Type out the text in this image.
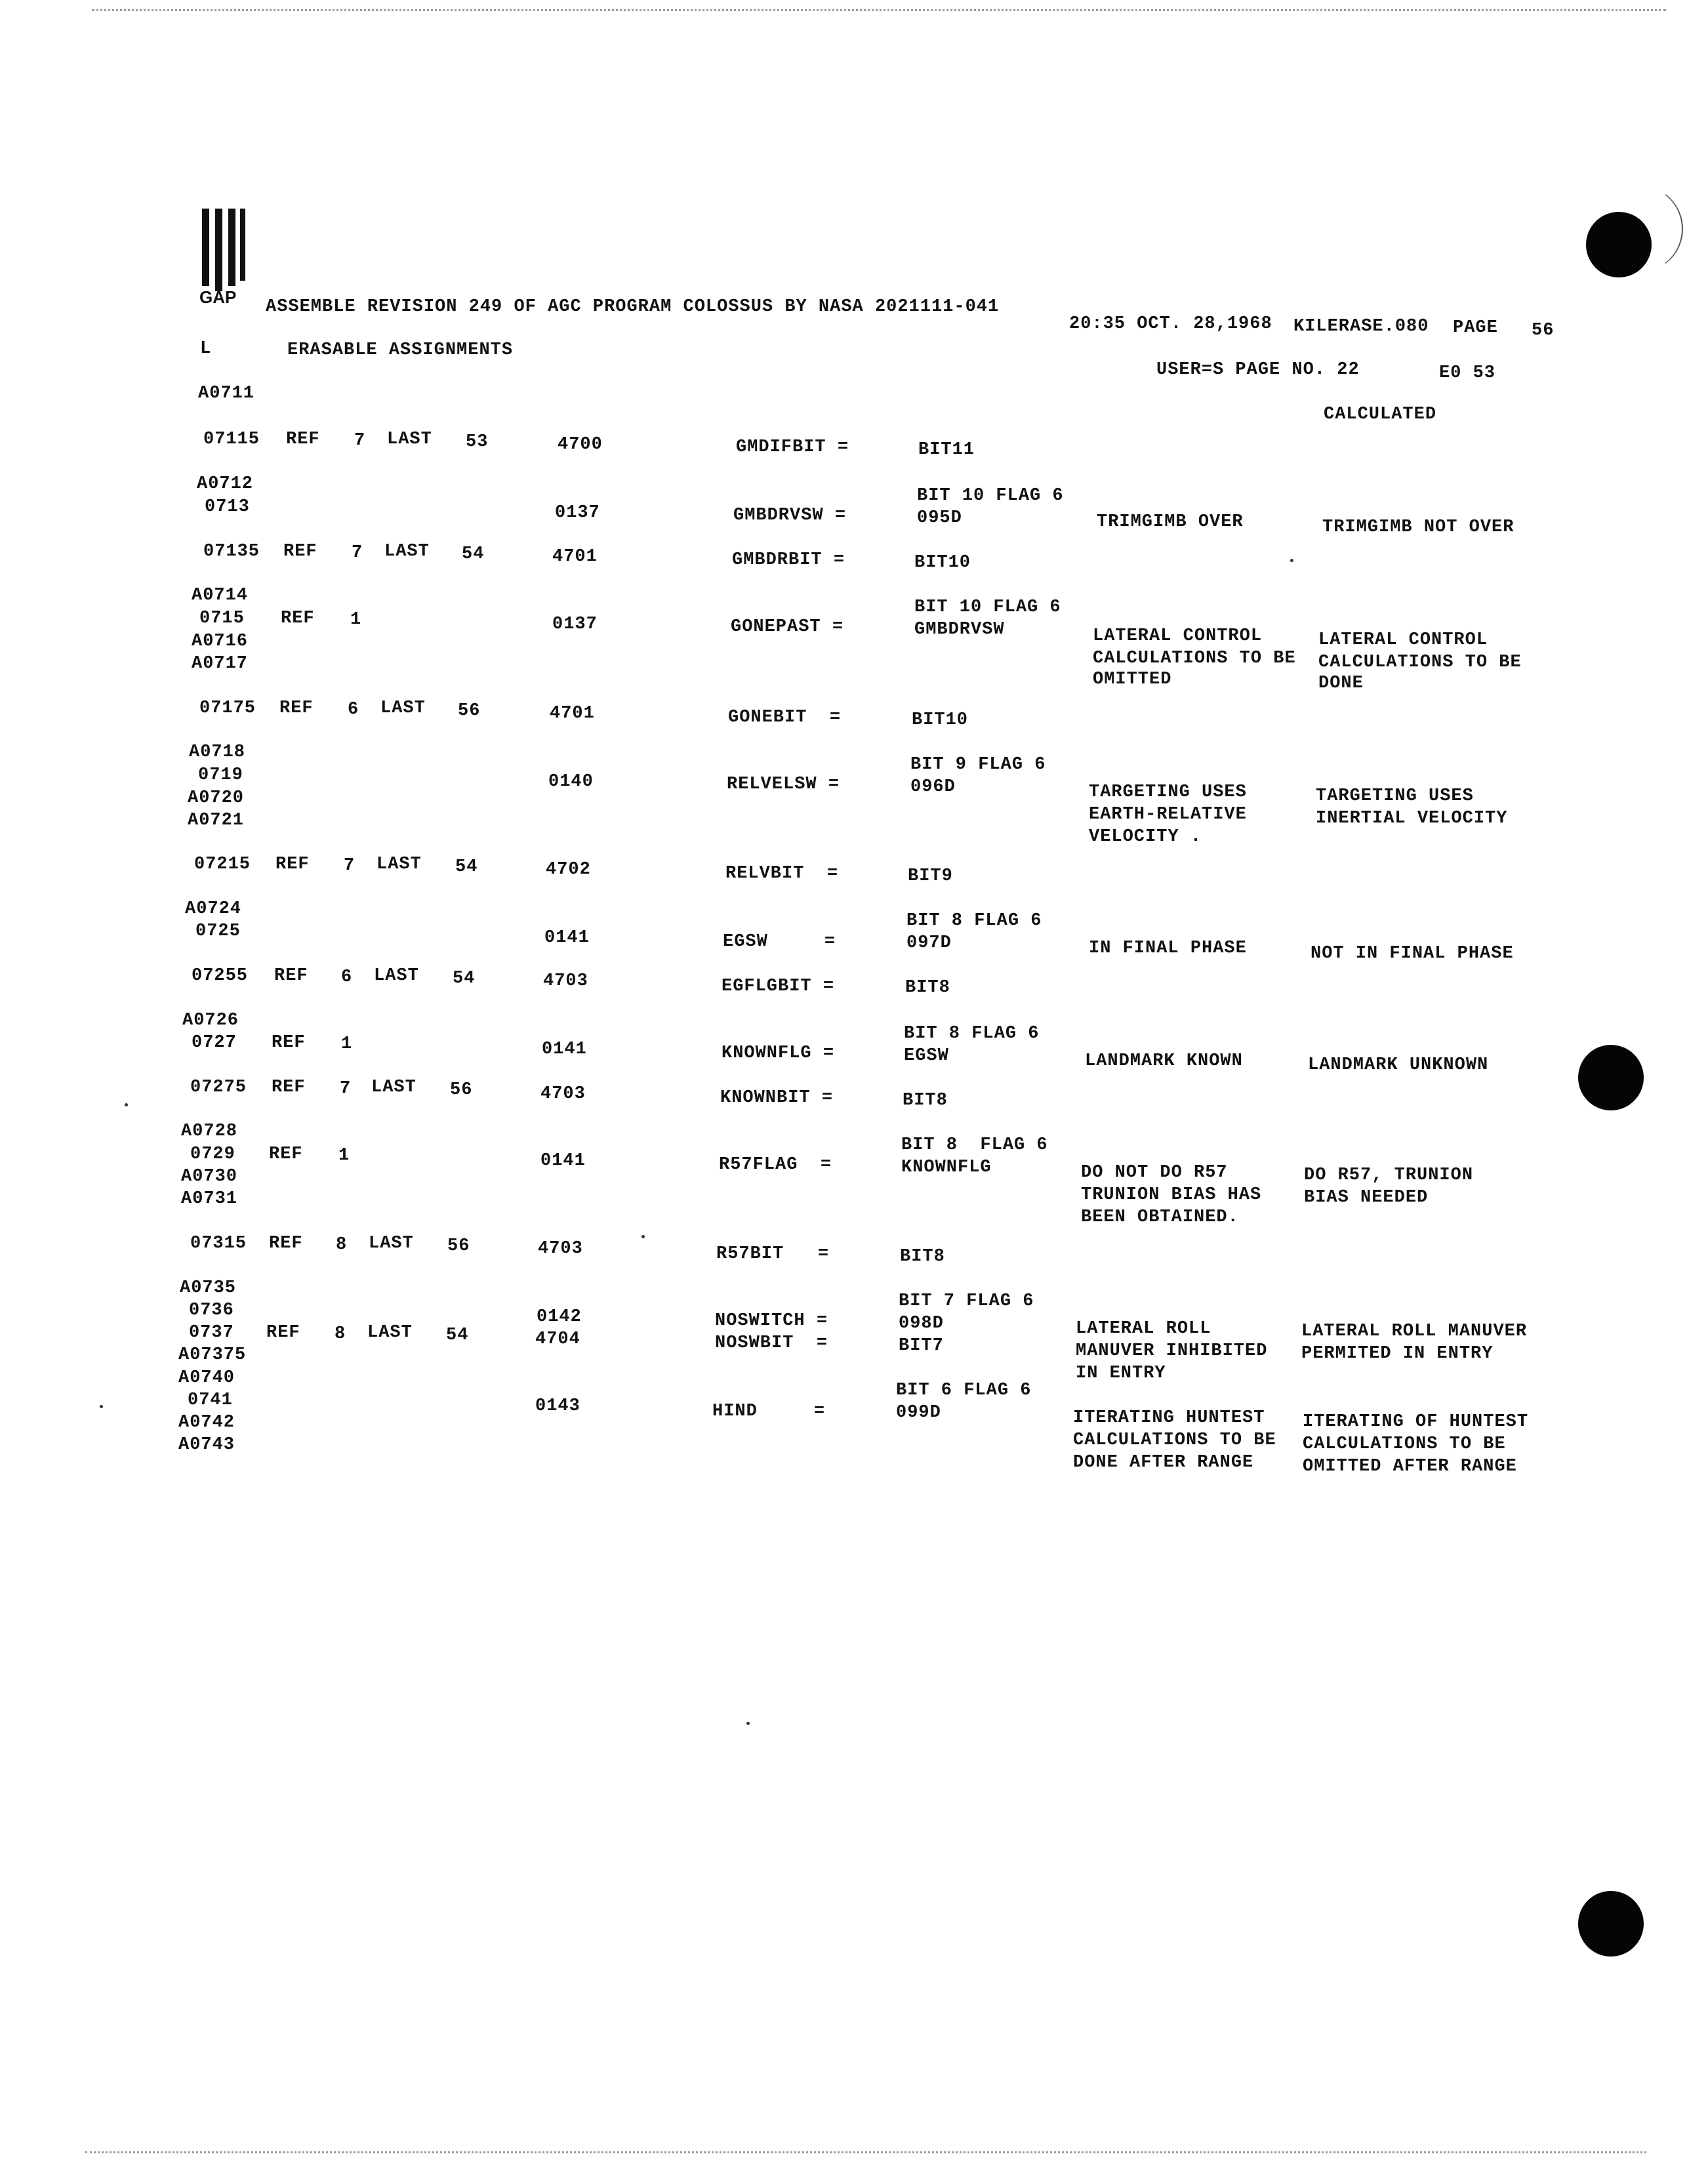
GAP ASSEMBLE REVISION 249 OF AGC PROGRAM COLOSSUS BY NASA 2021111-041
20:35 OCT. 28,1968 KILERASE.080 PAGE 56
L	ERASABLE ASSIGNMENTS
USER=S PAGE NO. 22	E0 53
CALCULATED
A0711
07115
A0712
0713
07135
A0714
0715
A0716
A0717
07175
A0718
0719
A0720
A0721
07215
A0724
0725
07255
A0726
0727
07275
A0728
0729
A0730
A0731
07315
A0735
0736
0737
A07375
A0740
0741
A0742
A0743
REF
REF
REF
REF
REF
REF
REF
REF
REF
REF
REF
7
7
1
6
7
6
1
7
1
8
8
LAST
LAST
LAST
LAST
LAST
LAST
LAST
LAST
53
54
56
54
54
56
56
54
4700
0137
4701
0137
4701
0140
4702
0141
4703
0141
4703
0141
4703
0142
4704
0143
GMDIFBIT =
GMBDRVSW =
GMBDRBIT =
GONEPAST =
GONEBIT  =
RELVELSW =
RELVBIT  =
EGSW     =
EGFLGBIT =
KNOWNFLG =
KNOWNBIT =
R57FLAG  =
R57BIT   =
NOSWITCH =
NOSWBIT  =
HIND     =
BIT11
BIT 10 FLAG 6
095D
BIT10
BIT 10 FLAG 6
GMBDRVSW
BIT10
BIT 9 FLAG 6
096D
BIT9
BIT 8 FLAG 6
097D
BIT8
BIT 8 FLAG 6
EGSW
BIT8
BIT 8  FLAG 6
KNOWNFLG
BIT8
BIT 7 FLAG 6
098D
BIT7
BIT 6 FLAG 6
099D
TRIMGIMB OVER
LATERAL CONTROL
CALCULATIONS TO BE
OMITTED
TARGETING USES
EARTH-RELATIVE
VELOCITY .
IN FINAL PHASE
LANDMARK KNOWN
DO NOT DO R57
TRUNION BIAS HAS
BEEN OBTAINED.
LATERAL ROLL
MANUVER INHIBITED
IN ENTRY
ITERATING HUNTEST
CALCULATIONS TO BE
DONE AFTER RANGE
TRIMGIMB NOT OVER
LATERAL CONTROL
CALCULATIONS TO BE
DONE
TARGETING USES
INERTIAL VELOCITY
NOT IN FINAL PHASE
LANDMARK UNKNOWN
DO R57, TRUNION
BIAS NEEDED
LATERAL ROLL MANUVER
PERMITED IN ENTRY
ITERATING OF HUNTEST
CALCULATIONS TO BE
OMITTED AFTER RANGE
